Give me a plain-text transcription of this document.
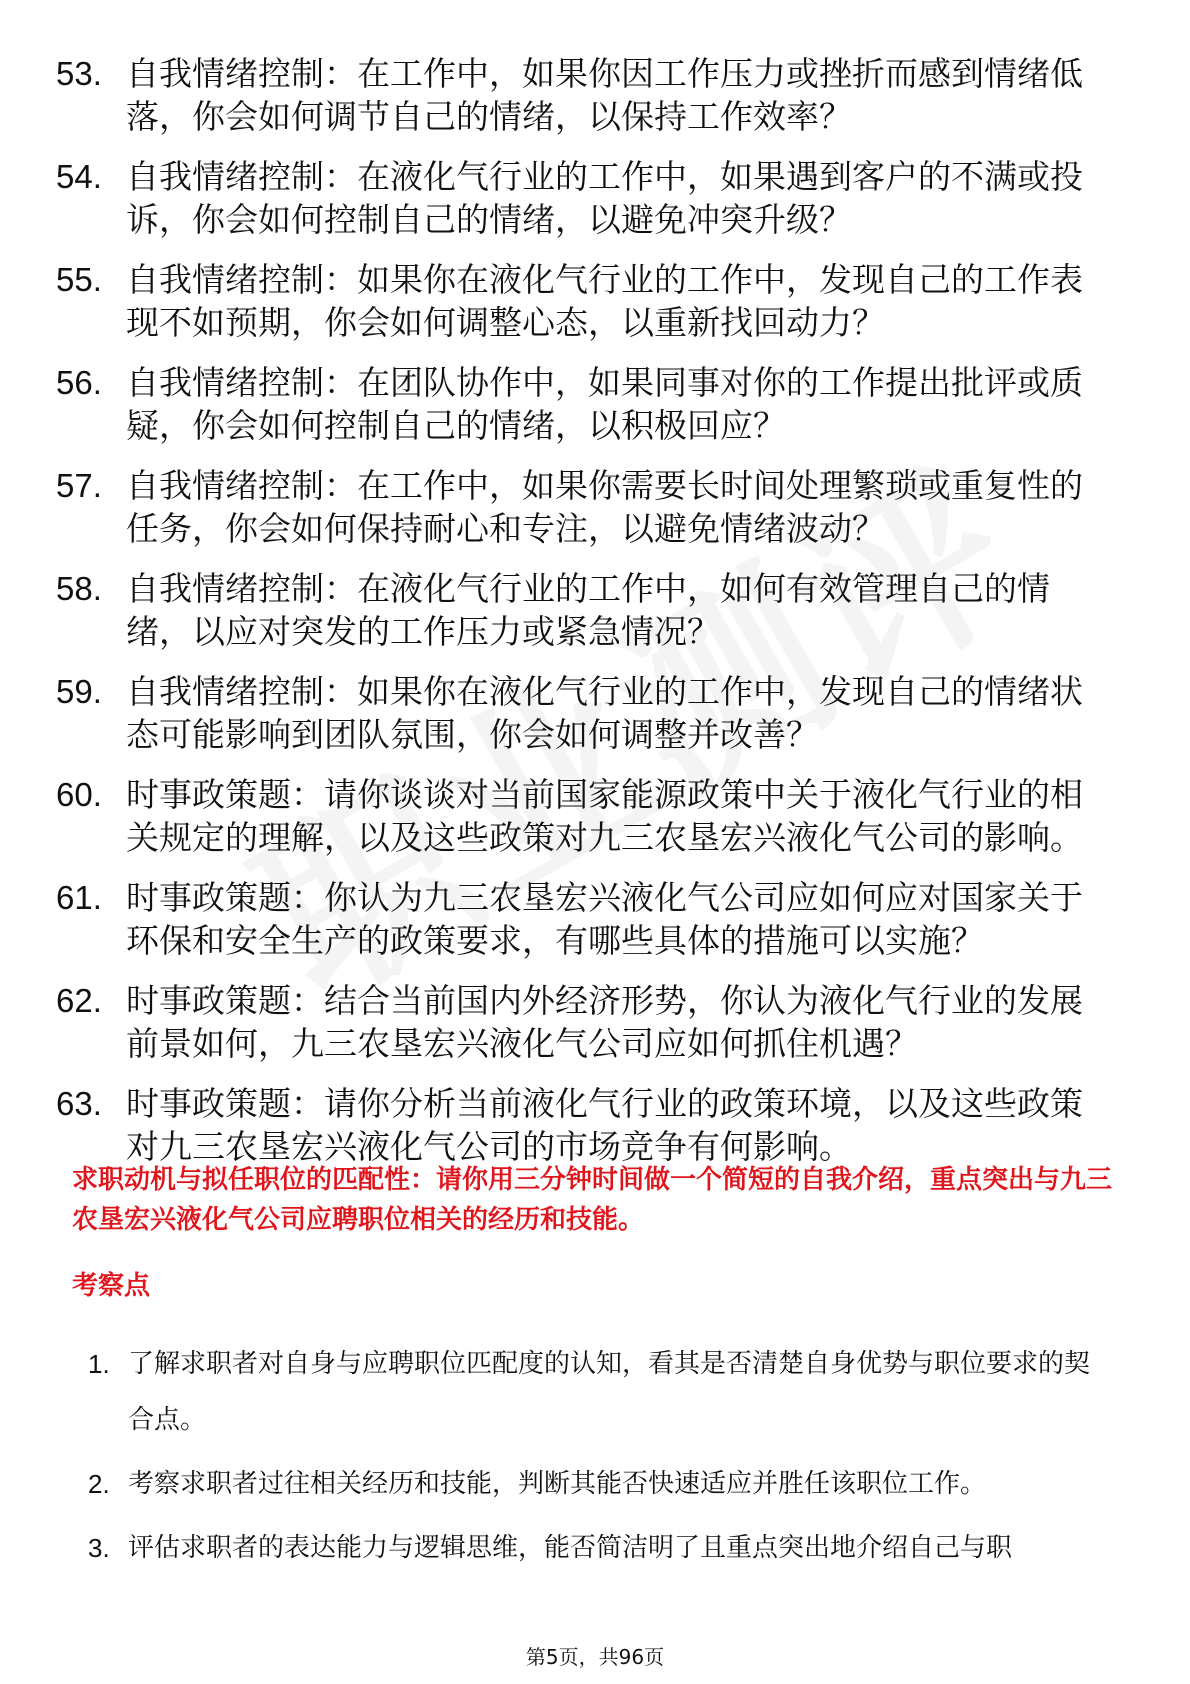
53. 自我情绪控制：在工作中，如果你因工作压力或挫折而感到情绪低落，你会如何调节自己的情绪，以保持工作效率？
54. 自我情绪控制：在液化气行业的工作中，如果遇到客户的不满或投诉，你会如何控制自己的情绪，以避免冲突升级？
55. 自我情绪控制：如果你在液化气行业的工作中，发现自己的工作表现不如预期，你会如何调整心态，以重新找回动力？
56. 自我情绪控制：在团队协作中，如果同事对你的工作提出批评或质疑，你会如何控制自己的情绪，以积极回应？
57. 自我情绪控制：在工作中，如果你需要长时间处理繁琐或重复性的任务，你会如何保持耐心和专注，以避免情绪波动？
58. 自我情绪控制：在液化气行业的工作中，如何有效管理自己的情绪，以应对突发的工作压力或紧急情况？
59. 自我情绪控制：如果你在液化气行业的工作中，发现自己的情绪状态可能影响到团队氛围，你会如何调整并改善？
60. 时事政策题：请你谈谈对当前国家能源政策中关于液化气行业的相关规定的理解，以及这些政策对九三农垦宏兴液化气公司的影响。
61. 时事政策题：你认为九三农垦宏兴液化气公司应如何应对国家关于环保和安全生产的政策要求，有哪些具体的措施可以实施？
62. 时事政策题：结合当前国内外经济形势，你认为液化气行业的发展前景如何，九三农垦宏兴液化气公司应如何抓住机遇？
63. 时事政策题：请你分析当前液化气行业的政策环境，以及这些政策对九三农垦宏兴液化气公司的市场竞争有何影响。
求职动机与拟任职位的匹配性：请你用三分钟时间做一个简短的自我介绍，重点突出与九三农垦宏兴液化气公司应聘职位相关的经历和技能。
考察点
1. 了解求职者对自身与应聘职位匹配度的认知，看其是否清楚自身优势与职位要求的契合点。
2. 考察求职者过往相关经历和技能，判断其能否快速适应并胜任该职位工作。
3. 评估求职者的表达能力与逻辑思维，能否简洁明了且重点突出地介绍自己与职
第5页，共96页
